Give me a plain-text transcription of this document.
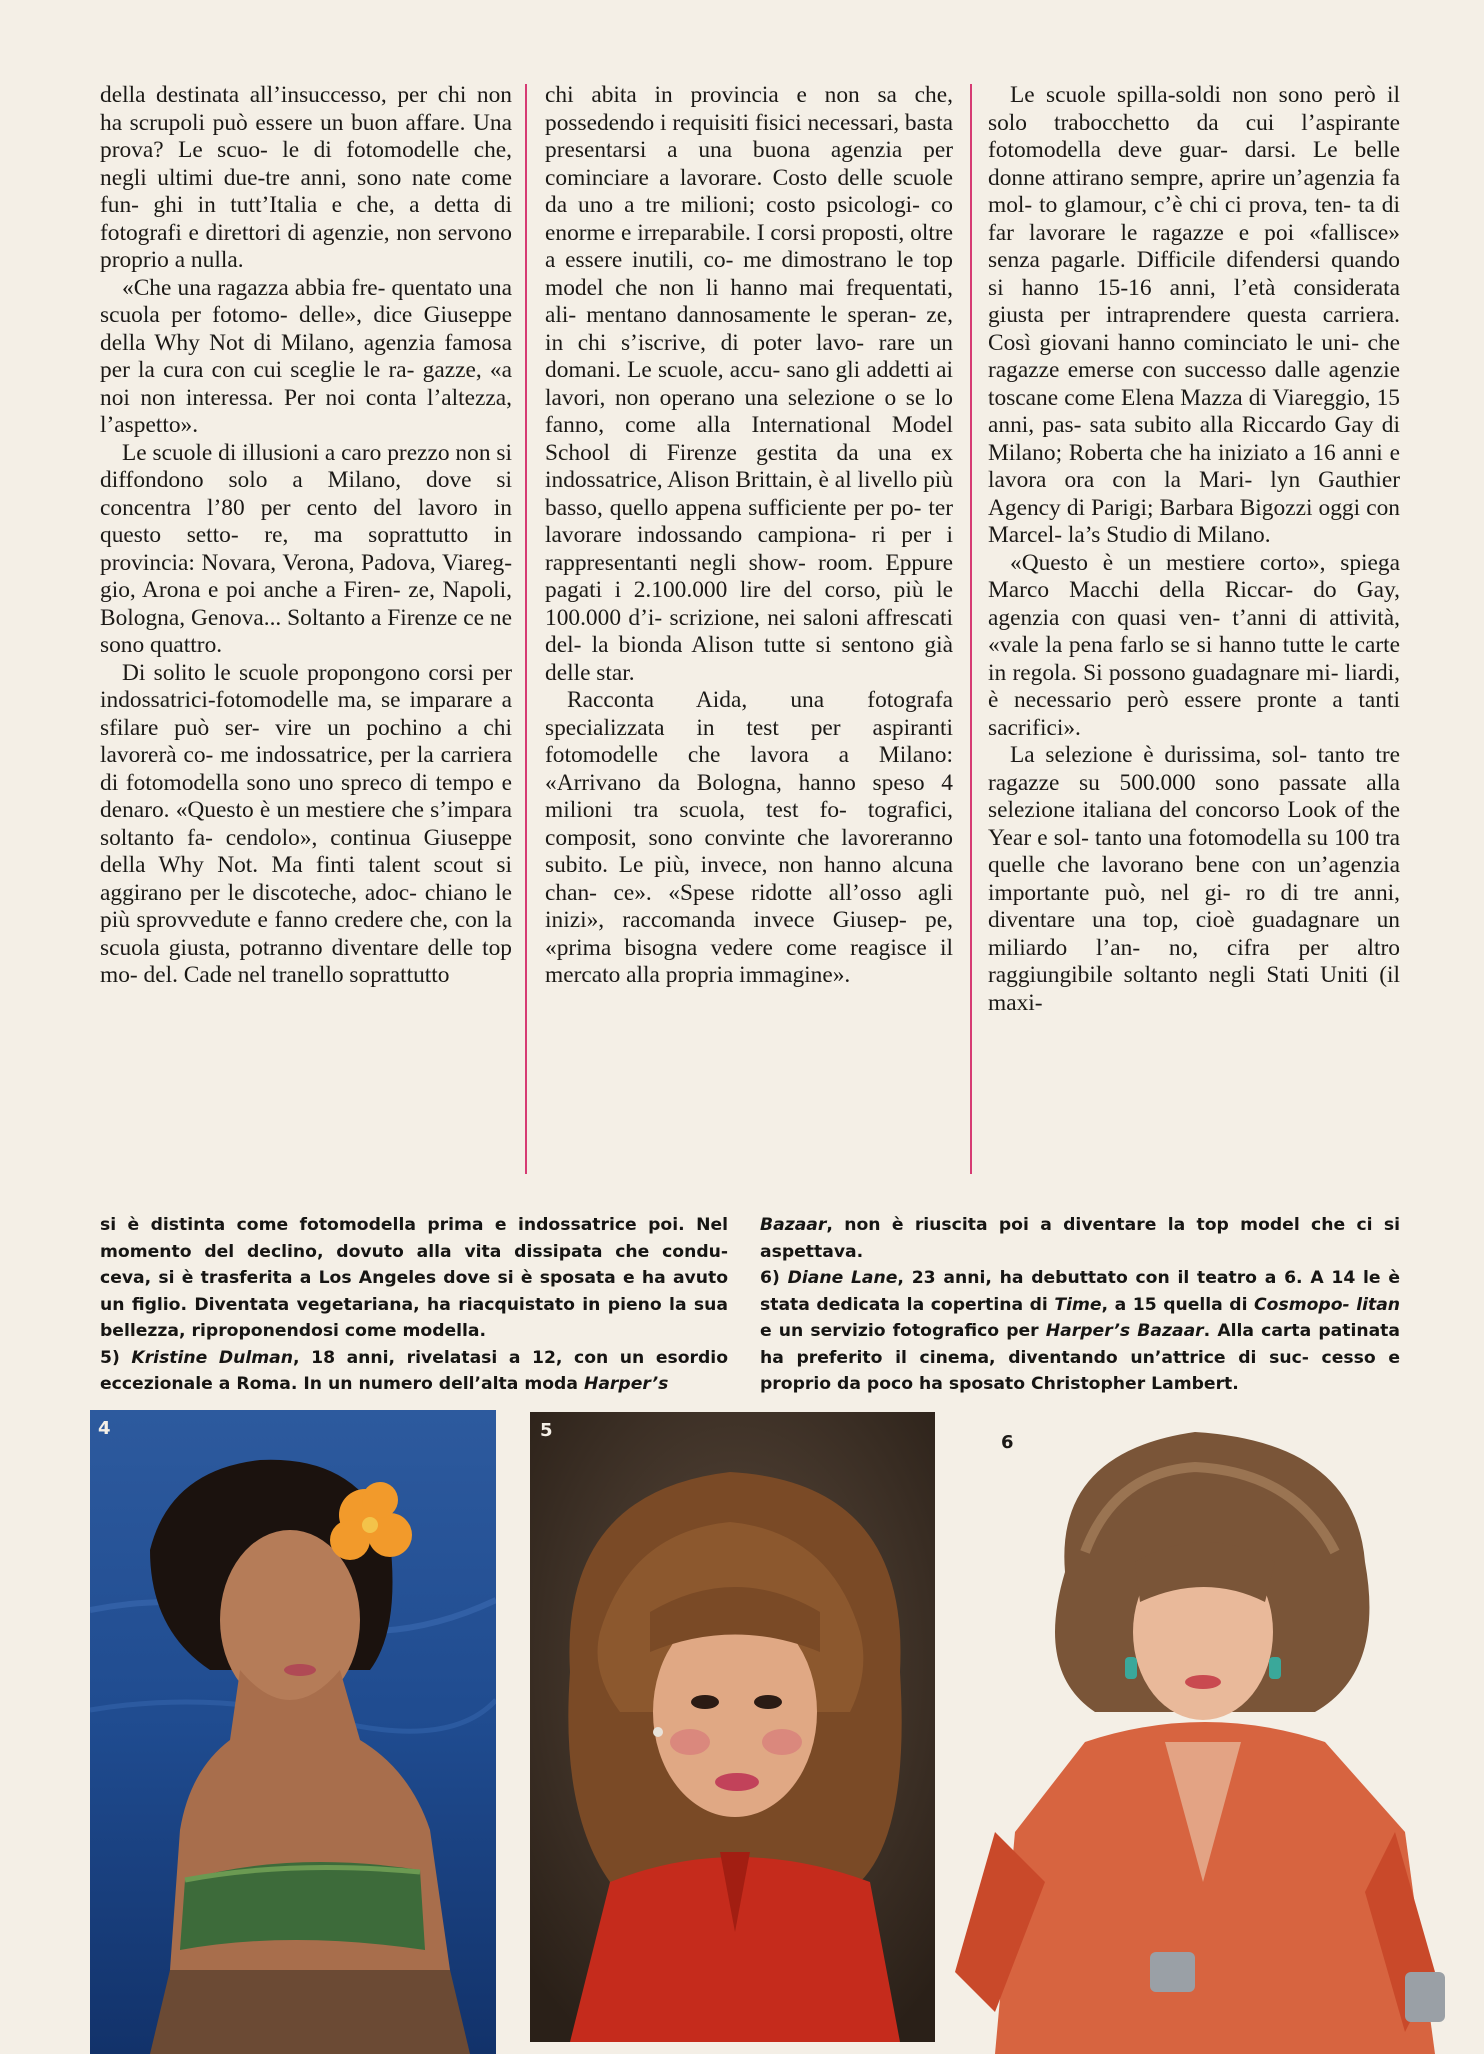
della destinata all’insuccesso, per chi non ha scrupoli può essere un buon affare. Una prova? Le scuo- le di fotomodelle che, negli ultimi due-tre anni, sono nate come fun- ghi in tutt’Italia e che, a detta di fotografi e direttori di agenzie, non servono proprio a nulla.

«Che una ragazza abbia fre- quentato una scuola per fotomo- delle», dice Giuseppe della Why Not di Milano, agenzia famosa per la cura con cui sceglie le ra- gazze, «a noi non interessa. Per noi conta l’altezza, l’aspetto».

Le scuole di illusioni a caro prezzo non si diffondono solo a Milano, dove si concentra l’80 per cento del lavoro in questo setto- re, ma soprattutto in provincia: Novara, Verona, Padova, Viareg- gio, Arona e poi anche a Firen- ze, Napoli, Bologna, Genova... Soltanto a Firenze ce ne sono quattro.

Di solito le scuole propongono corsi per indossatrici-fotomodelle ma, se imparare a sfilare può ser- vire un pochino a chi lavorerà co- me indossatrice, per la carriera di fotomodella sono uno spreco di tempo e denaro. «Questo è un mestiere che s’impara soltanto fa- cendolo», continua Giuseppe della Why Not. Ma finti talent scout si aggirano per le discoteche, adoc- chiano le più sprovvedute e fanno credere che, con la scuola giusta, potranno diventare delle top mo- del. Cade nel tranello soprattutto

chi abita in provincia e non sa che, possedendo i requisiti fisici necessari, basta presentarsi a una buona agenzia per cominciare a lavorare. Costo delle scuole da uno a tre milioni; costo psicologi- co enorme e irreparabile. I corsi proposti, oltre a essere inutili, co- me dimostrano le top model che non li hanno mai frequentati, ali- mentano dannosamente le speran- ze, in chi s’iscrive, di poter lavo- rare un domani. Le scuole, accu- sano gli addetti ai lavori, non operano una selezione o se lo fanno, come alla International Model School di Firenze gestita da una ex indossatrice, Alison Brittain, è al livello più basso, quello appena sufficiente per po- ter lavorare indossando campiona- ri per i rappresentanti negli show- room. Eppure pagati i 2.100.000 lire del corso, più le 100.000 d’i- scrizione, nei saloni affrescati del- la bionda Alison tutte si sentono già delle star.

Racconta Aida, una fotografa specializzata in test per aspiranti fotomodelle che lavora a Milano: «Arrivano da Bologna, hanno speso 4 milioni tra scuola, test fo- tografici, composit, sono convinte che lavoreranno subito. Le più, invece, non hanno alcuna chan- ce». «Spese ridotte all’osso agli inizi», raccomanda invece Giusep- pe, «prima bisogna vedere come reagisce il mercato alla propria immagine».

Le scuole spilla-soldi non sono però il solo trabocchetto da cui l’aspirante fotomodella deve guar- darsi. Le belle donne attirano sempre, aprire un’agenzia fa mol- to glamour, c’è chi ci prova, ten- ta di far lavorare le ragazze e poi «fallisce» senza pagarle. Difficile difendersi quando si hanno 15-16 anni, l’età considerata giusta per intraprendere questa carriera. Così giovani hanno cominciato le uni- che ragazze emerse con successo dalle agenzie toscane come Elena Mazza di Viareggio, 15 anni, pas- sata subito alla Riccardo Gay di Milano; Roberta che ha iniziato a 16 anni e lavora ora con la Mari- lyn Gauthier Agency di Parigi; Barbara Bigozzi oggi con Marcel- la’s Studio di Milano.

«Questo è un mestiere corto», spiega Marco Macchi della Riccar- do Gay, agenzia con quasi ven- t’anni di attività, «vale la pena farlo se si hanno tutte le carte in regola. Si possono guadagnare mi- liardi, è necessario però essere pronte a tanti sacrifici».

La selezione è durissima, sol- tanto tre ragazze su 500.000 sono passate alla selezione italiana del concorso Look of the Year e sol- tanto una fotomodella su 100 tra quelle che lavorano bene con un’agenzia importante può, nel gi- ro di tre anni, diventare una top, cioè guadagnare un miliardo l’an- no, cifra per altro raggiungibile soltanto negli Stati Uniti (il maxi-

si è distinta come fotomodella prima e indossatrice poi. Nel momento del declino, dovuto alla vita dissipata che condu- ceva, si è trasferita a Los Angeles dove si è sposata e ha avuto un figlio. Diventata vegetariana, ha riacquistato in pieno la sua bellezza, riproponendosi come modella.

5) Kristine Dulman, 18 anni, rivelatasi a 12, con un esordio eccezionale a Roma. In un numero dell’alta moda Harper’s

Bazaar, non è riuscita poi a diventare la top model che ci si aspettava.

6) Diane Lane, 23 anni, ha debuttato con il teatro a 6. A 14 le è stata dedicata la copertina di Time, a 15 quella di Cosmopo- litan e un servizio fotografico per Harper’s Bazaar. Alla carta patinata ha preferito il cinema, diventando un’attrice di suc- cesso e proprio da poco ha sposato Christopher Lambert.

4	5
6
